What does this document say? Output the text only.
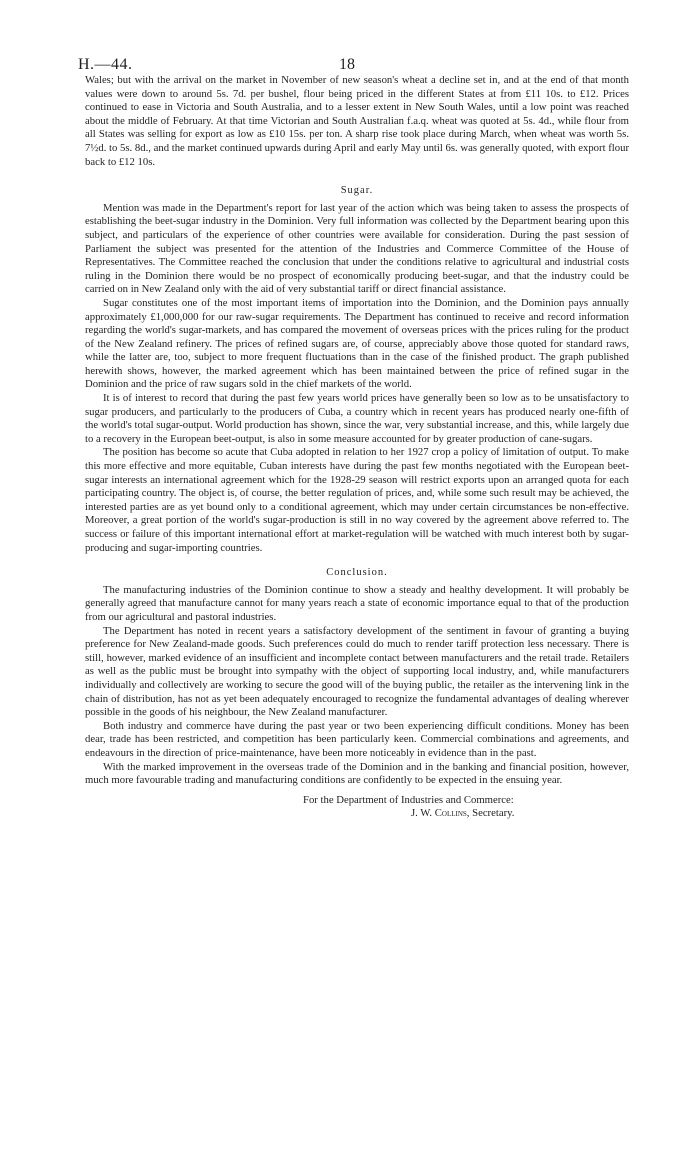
H.—44.	18

Wales; but with the arrival on the market in November of new season's wheat a decline set in, and at the end of that month values were down to around 5s. 7d. per bushel, flour being priced in the different States at from £11 10s. to £12. Prices continued to ease in Victoria and South Australia, and to a lesser extent in New South Wales, until a low point was reached about the middle of February. At that time Victorian and South Australian f.a.q. wheat was quoted at 5s. 4d., while flour from all States was selling for export as low as £10 15s. per ton. A sharp rise took place during March, when wheat was worth 5s. 7½d. to 5s. 8d., and the market continued upwards during April and early May until 6s. was generally quoted, with export flour back to £12 10s.

Sugar.

Mention was made in the Department's report for last year of the action which was being taken to assess the prospects of establishing the beet-sugar industry in the Dominion. Very full information was collected by the Department bearing upon this subject, and particulars of the experience of other countries were available for consideration. During the past session of Parliament the subject was presented for the attention of the Industries and Commerce Committee of the House of Representatives. The Committee reached the conclusion that under the conditions relative to agricultural and industrial costs ruling in the Dominion there would be no prospect of economically producing beet-sugar, and that the industry could be carried on in New Zealand only with the aid of very substantial tariff or direct financial assistance.

Sugar constitutes one of the most important items of importation into the Dominion, and the Dominion pays annually approximately £1,000,000 for our raw-sugar requirements. The Department has continued to receive and record information regarding the world's sugar-markets, and has compared the movement of overseas prices with the prices ruling for the product of the New Zealand refinery. The prices of refined sugars are, of course, appreciably above those quoted for standard raws, while the latter are, too, subject to more frequent fluctuations than in the case of the finished product. The graph published herewith shows, however, the marked agreement which has been maintained between the price of refined sugar in the Dominion and the price of raw sugars sold in the chief markets of the world.

It is of interest to record that during the past few years world prices have generally been so low as to be unsatisfactory to sugar producers, and particularly to the producers of Cuba, a country which in recent years has produced nearly one-fifth of the world's total sugar-output. World production has shown, since the war, very substantial increase, and this, while largely due to a recovery in the European beet-output, is also in some measure accounted for by greater production of cane-sugars.

The position has become so acute that Cuba adopted in relation to her 1927 crop a policy of limitation of output. To make this more effective and more equitable, Cuban interests have during the past few months negotiated with the European beet-sugar interests an international agreement which for the 1928-29 season will restrict exports upon an arranged quota for each participating country. The object is, of course, the better regulation of prices, and, while some such result may be achieved, the interested parties are as yet bound only to a conditional agreement, which may under certain circumstances be non-effective. Moreover, a great portion of the world's sugar-production is still in no way covered by the agreement above referred to. The success or failure of this important international effort at market-regulation will be watched with much interest both by sugar-producing and sugar-importing countries.

Conclusion.

The manufacturing industries of the Dominion continue to show a steady and healthy development. It will probably be generally agreed that manufacture cannot for many years reach a state of economic importance equal to that of the production from our agricultural and pastoral industries.

The Department has noted in recent years a satisfactory development of the sentiment in favour of granting a buying preference for New Zealand-made goods. Such preferences could do much to render tariff protection less necessary. There is still, however, marked evidence of an insufficient and incomplete contact between manufacturers and the retail trade. Retailers as well as the public must be brought into sympathy with the object of supporting local industry, and, while manufacturers individually and collectively are working to secure the good will of the buying public, the retailer as the intervening link in the chain of distribution, has not as yet been adequately encouraged to recognize the fundamental advantages of dealing wherever possible in the goods of his neighbour, the New Zealand manufacturer.

Both industry and commerce have during the past year or two been experiencing difficult conditions. Money has been dear, trade has been restricted, and competition has been particularly keen. Commercial combinations and agreements, and endeavours in the direction of price-maintenance, have been more noticeably in evidence than in the past.

With the marked improvement in the overseas trade of the Dominion and in the banking and financial position, however, much more favourable trading and manufacturing conditions are confidently to be expected in the ensuing year.

For the Department of Industries and Commerce:
J. W. Collins, Secretary.
